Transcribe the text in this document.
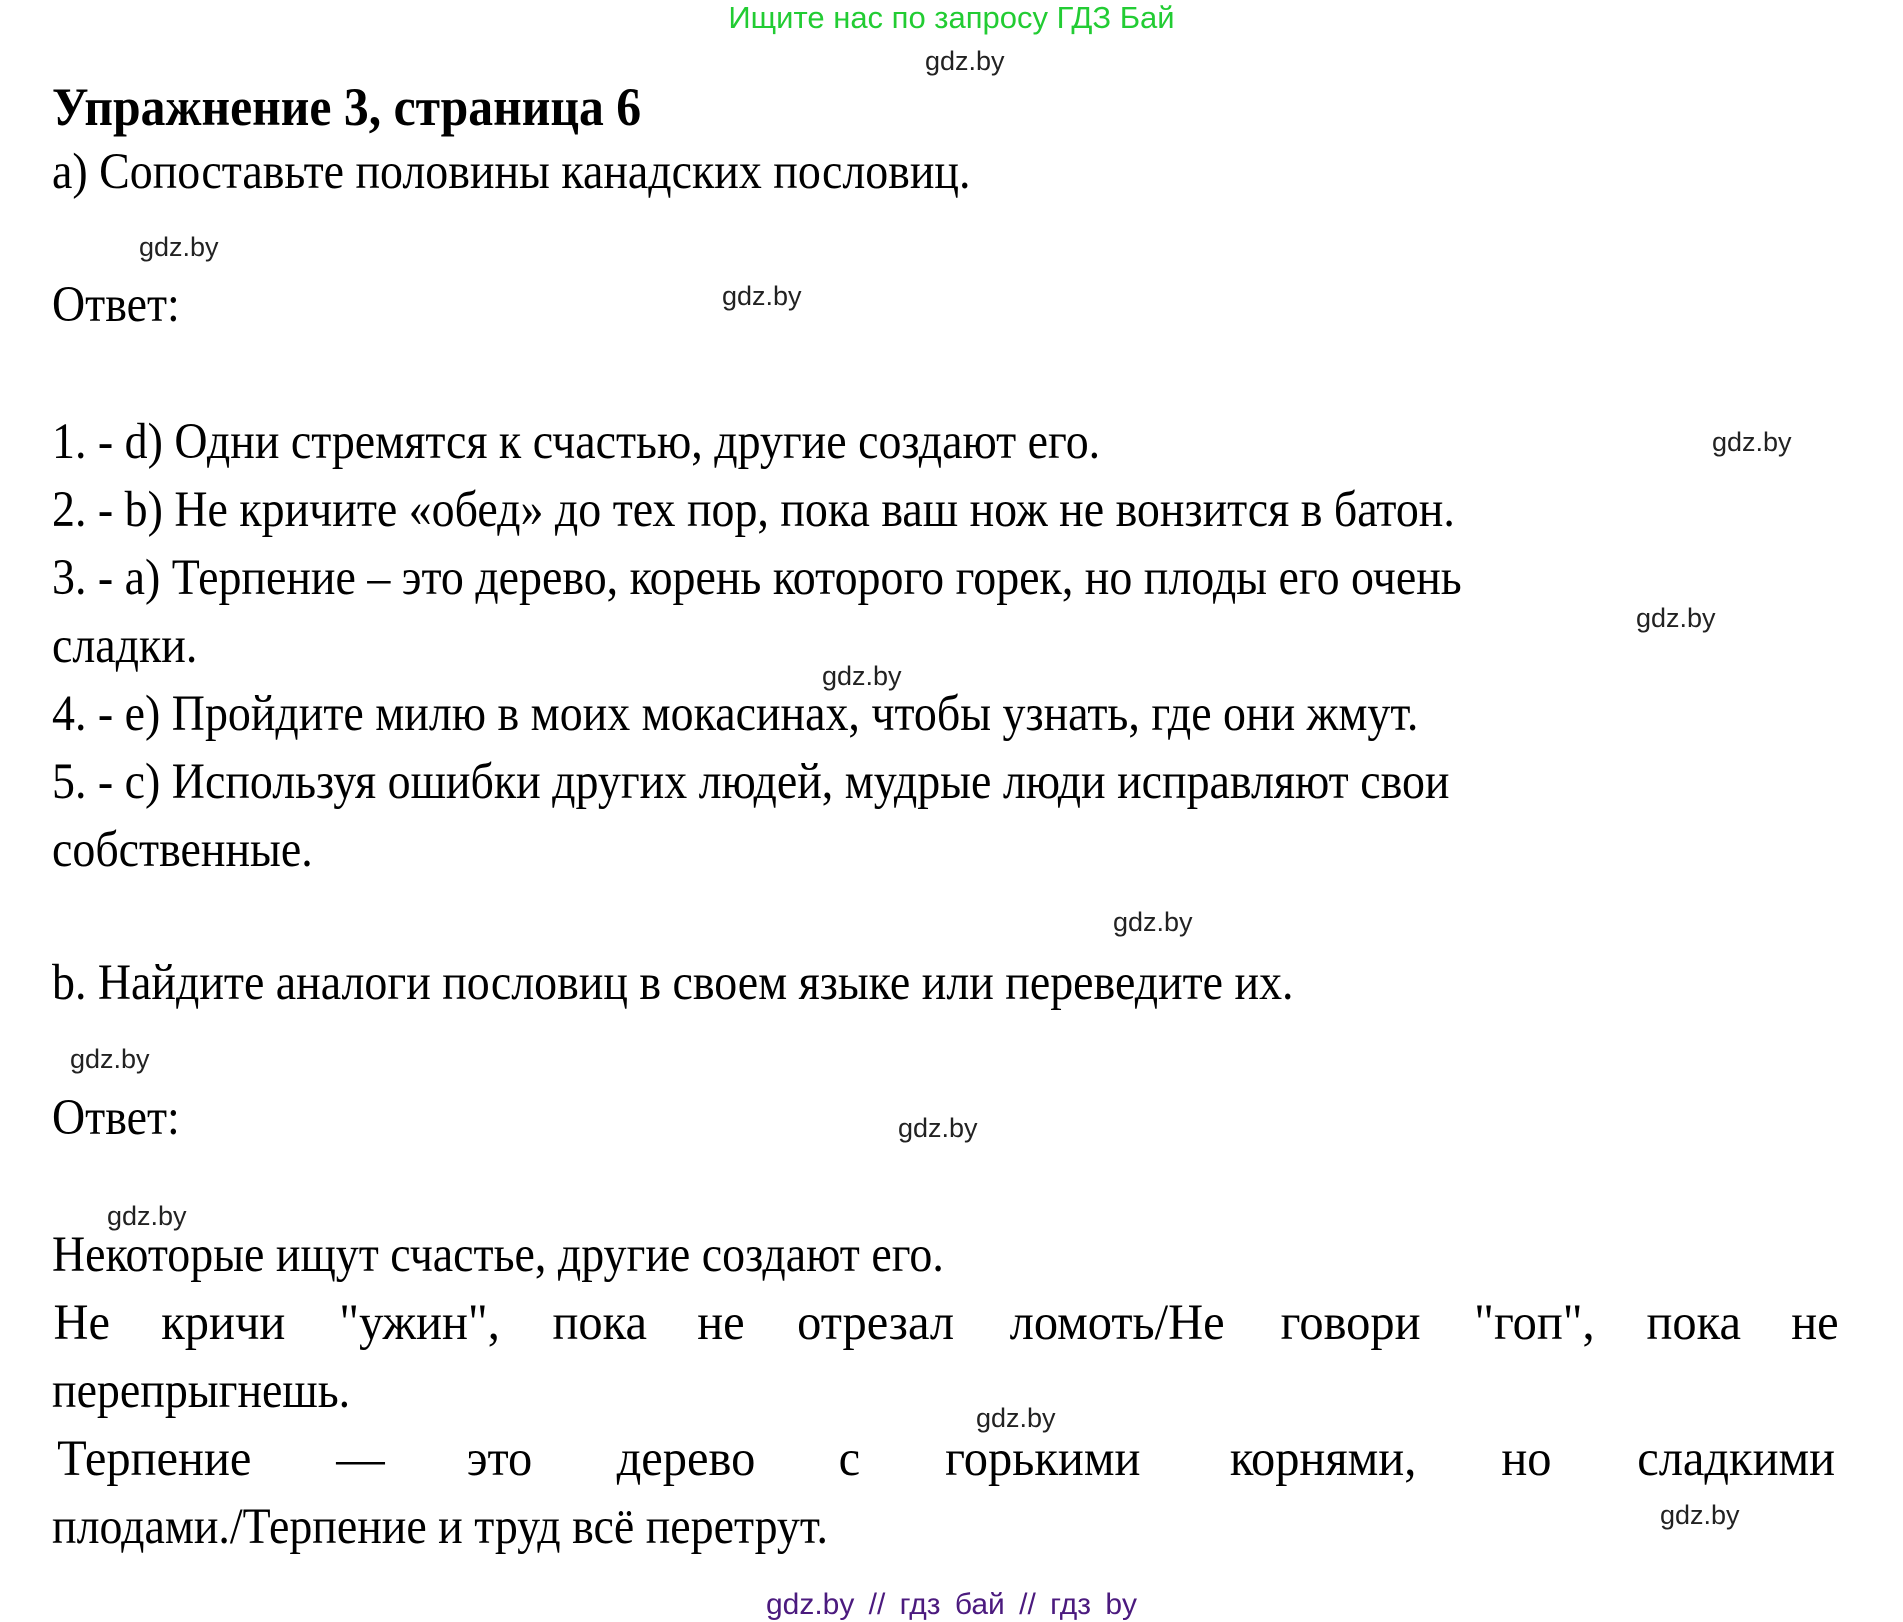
Ищите нас по запросу ГДЗ Бай
gdz.by
gdz.by
gdz.by
gdz.by
gdz.by
gdz.by
gdz.by
gdz.by
gdz.by
gdz.by
gdz.by
gdz.by
Упражнение 3, страница 6
а) Сопоставьте половины канадских пословиц.
Ответ:
1. - d) Одни стремятся к счастью, другие создают его.
2. - b) Не кричите «обед» до тех пор, пока ваш нож не вонзится в батон.
3. - a) Терпение – это дерево, корень которого горек, но плоды его очень
сладки.
4. - e) Пройдите милю в моих мокасинах, чтобы узнать, где они жмут.
5. - c) Используя ошибки других людей, мудрые люди исправляют свои
собственные.
b. Найдите аналоги пословиц в своем языке или переведите их.
Ответ:
Некоторые ищут счастье, другие создают его.
Не кричи "ужин", пока не отрезал ломоть/Не говори "гоп", пока не
перепрыгнешь.
Терпение — это дерево с горькими корнями, но сладкими
плодами./Терпение и труд всё перетрут.
gdz.by // гдз бай // гдз by
